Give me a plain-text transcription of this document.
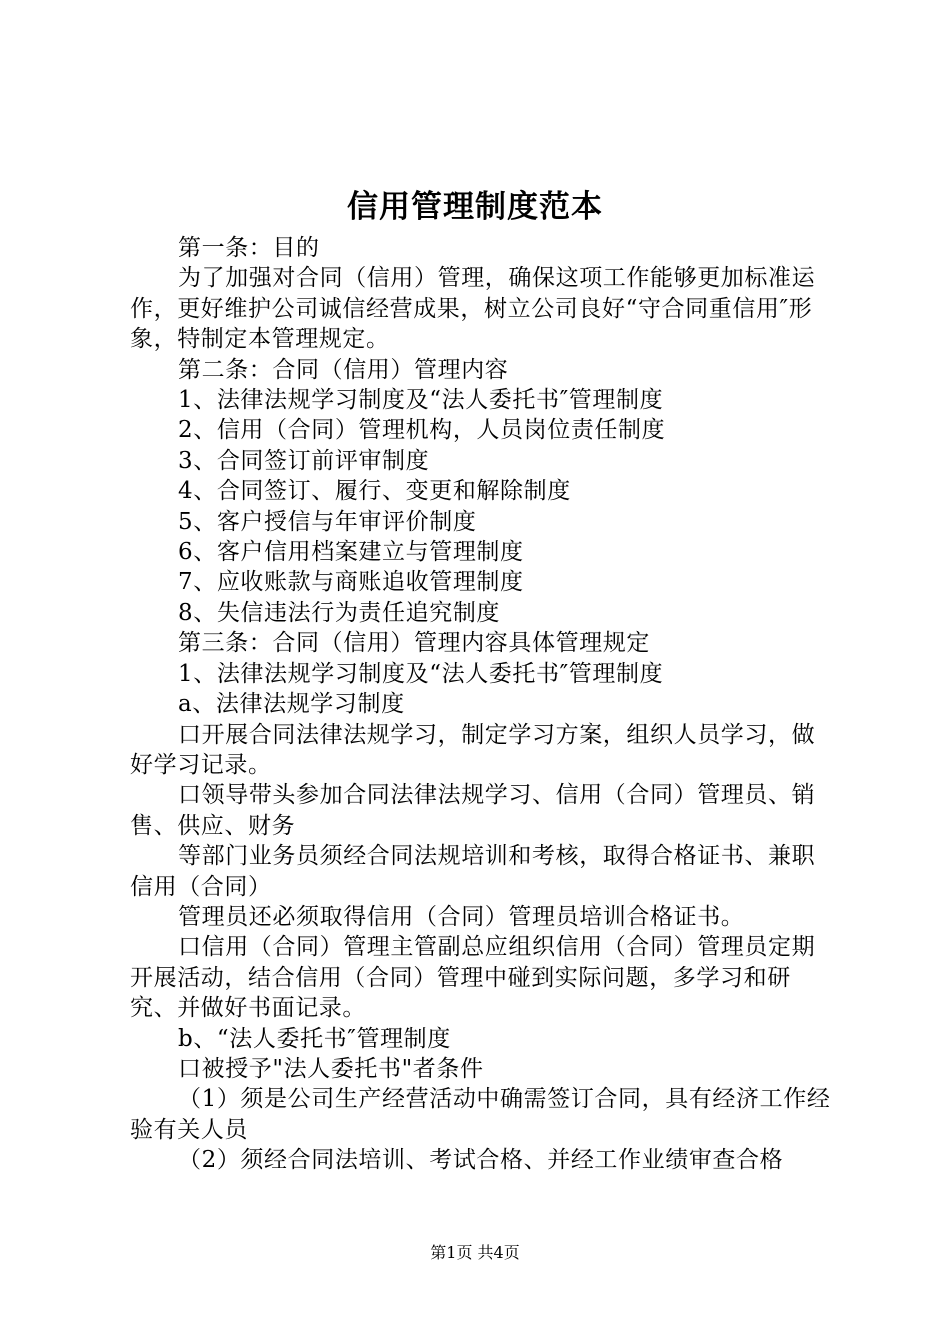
信用管理制度范本

第一条：目的

为了加强对合同（信用）管理，确保这项工作能够更加标准运作，更好维护公司诚信经营成果，树立公司良好“守合同重信用″形象，特制定本管理规定。

第二条：合同（信用）管理内容

1、法律法规学习制度及“法人委托书″管理制度

2、信用（合同）管理机构，人员岗位责任制度

3、合同签订前评审制度

4、合同签订、履行、变更和解除制度

5、客户授信与年审评价制度

6、客户信用档案建立与管理制度

7、应收账款与商账追收管理制度

8、失信违法行为责任追究制度

第三条：合同（信用）管理内容具体管理规定

1、法律法规学习制度及“法人委托书″管理制度

a、法律法规学习制度

口开展合同法律法规学习，制定学习方案，组织人员学习，做好学习记录。

口领导带头参加合同法律法规学习、信用（合同）管理员、销售、供应、财务

等部门业务员须经合同法规培训和考核，取得合格证书、兼职信用（合同）

管理员还必须取得信用（合同）管理员培训合格证书。

口信用（合同）管理主管副总应组织信用（合同）管理员定期开展活动，结合信用（合同）管理中碰到实际问题，多学习和研究、并做好书面记录。

b、“法人委托书″管理制度

口被授予"法人委托书"者条件

（1）须是公司生产经营活动中确需签订合同，具有经济工作经验有关人员

（2）须经合同法培训、考试合格、并经工作业绩审查合格

第1页 共4页
